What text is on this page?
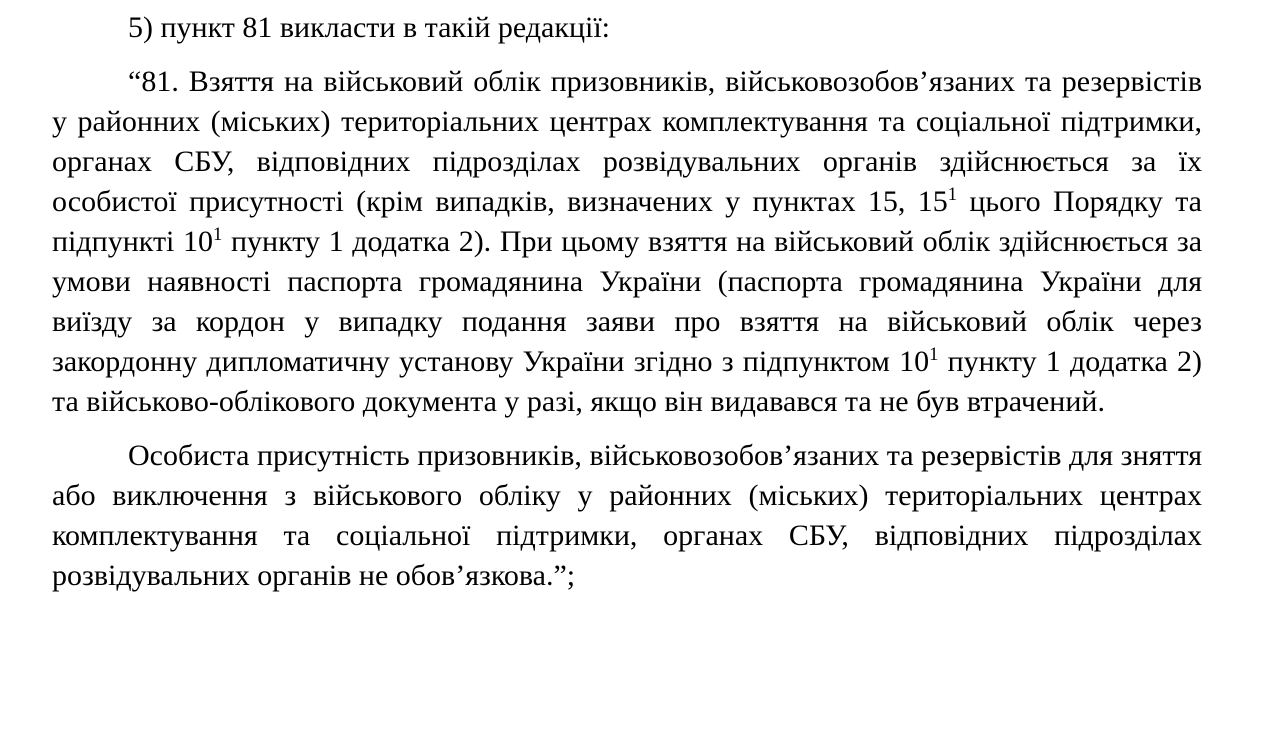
5) пункт 81 викласти в такій редакції:

“81. Взяття на військовий облік призовників, військовозобов’язаних та резервістів у районних (міських) територіальних центрах комплектування та соціальної підтримки, органах СБУ, відповідних підрозділах розвідувальних органів здійснюється за їх особистої присутності (крім випадків, визначених у пунктах 15, $15^1$ цього Порядку та підпункті $10^1$ пункту 1 додатка 2). При цьому взяття на військовий облік здійснюється за умови наявності паспорта громадянина України (паспорта громадянина України для виїзду за кордон у випадку подання заяви про взяття на військовий облік через закордонну дипломатичну установу України згідно з підпунктом $10^1$ пункту 1 додатка 2) та військово-облікового документа у разі, якщо він видавався та не був втрачений.

Особиста присутність призовників, військовозобов’язаних та резервістів для зняття або виключення з військового обліку у районних (міських) територіальних центрах комплектування та соціальної підтримки, органах СБУ, відповідних підрозділах розвідувальних органів не обов’язкова.”;
